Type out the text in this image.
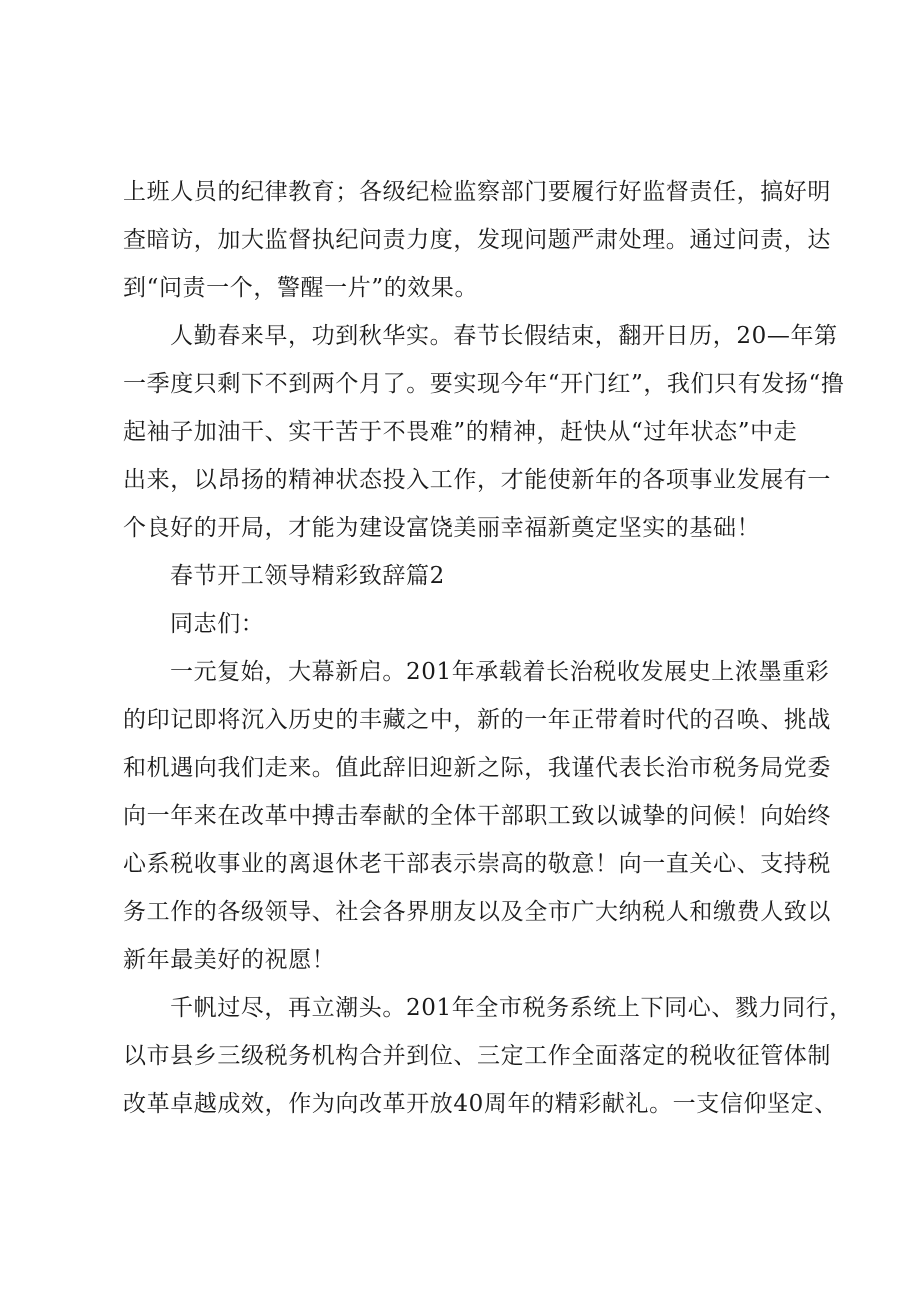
上班人员的纪律教育；各级纪检监察部门要履行好监督责任，搞好明
查暗访，加大监督执纪问责力度，发现问题严肃处理。通过问责，达
到“问责一个，警醒一片”的效果。
人勤春来早，功到秋华实。春节长假结束，翻开日历，20—年第
一季度只剩下不到两个月了。要实现今年“开门红”，我们只有发扬“撸
起袖子加油干、实干苦于不畏难”的精神，赶快从“过年状态”中走
出来，以昂扬的精神状态投入工作，才能使新年的各项事业发展有一
个良好的开局，才能为建设富饶美丽幸福新奠定坚实的基础！
春节开工领导精彩致辞篇2
同志们：
一元复始，大幕新启。201年承载着长治税收发展史上浓墨重彩
的印记即将沉入历史的丰藏之中，新的一年正带着时代的召唤、挑战
和机遇向我们走来。值此辞旧迎新之际，我谨代表长治市税务局党委
向一年来在改革中搏击奉献的全体干部职工致以诚挚的问候！向始终
心系税收事业的离退休老干部表示崇高的敬意！向一直关心、支持税
务工作的各级领导、社会各界朋友以及全市广大纳税人和缴费人致以
新年最美好的祝愿！
千帆过尽，再立潮头。201年全市税务系统上下同心、戮力同行，
以市县乡三级税务机构合并到位、三定工作全面落定的税收征管体制
改革卓越成效，作为向改革开放40周年的精彩献礼。一支信仰坚定、
